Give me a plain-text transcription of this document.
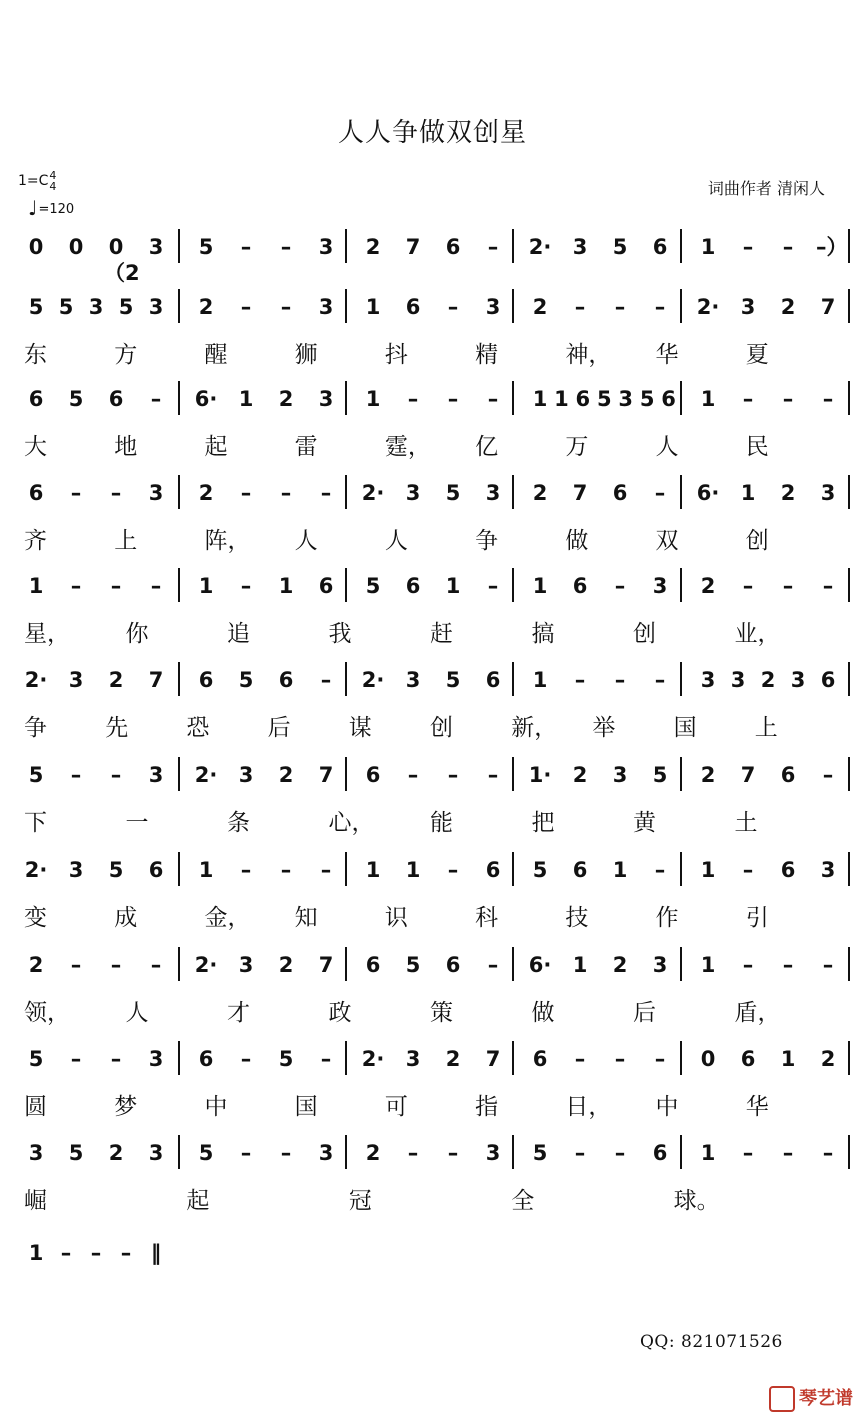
人人争做双创星
1=C 4
4
♩=120
词曲作者 清闲人
0 0 0（2
3 5	–	–	3 2 7 6	–	2· 3 5 6 1	–	–	–）
5 5 3 5 3 2	–	–	3 1 6	–	3 2	–	–	–	2· 3 2 7
东	方	醒	狮	抖	精	神， 华	夏
6 5 6	–	6· 1 2 3 1	–	–	–	1 1 6 5 3 5 6 1	–	–	–
大	地	起	雷	霆， 亿	万	人	民
6	–	–	3 2	–	–	–	2· 3 5 3 2 7 6	–	6· 1 2 3
齐	上	阵， 人	人	争	做	双	创
1	–	–	–	1	–	1 6 5 6 1	–	1 6	–	3 2	–	–	–
星， 你	追	我	赶	搞	创	业，
2· 3 2 7 6 5 6	–	2· 3 5 6 1	–	–	–	3 3 2 3 6
争	先	恐	后	谋	创	新， 举	国	上
5	–	–	3 2· 3 2 7 6	–	–	–	1· 2 3 5 2 7 6	–
下	一	条	心， 能	把	黄	土
2· 3 5 6 1	–	–	–	1 1	–	6 5 6 1	–	1	–	6 3
变	成	金， 知	识	科	技	作	引
2	–	–	–	2· 3 2 7 6 5 6	–	6· 1 2 3 1	–	–	–
领， 人	才	政	策	做	后	盾，
5	–	–	3 6	–	5	–	2· 3 2 7 6	–	–	–	0 6 1 2
圆	梦	中	国	可	指	日， 中	华
3 5 2 3 5	–	–	3 2	–	–	3 5	–	–	6 1	–	–	–
崛	起	冠	全	球。
1 – – – ‖
QQ: 821071526
琴艺谱
